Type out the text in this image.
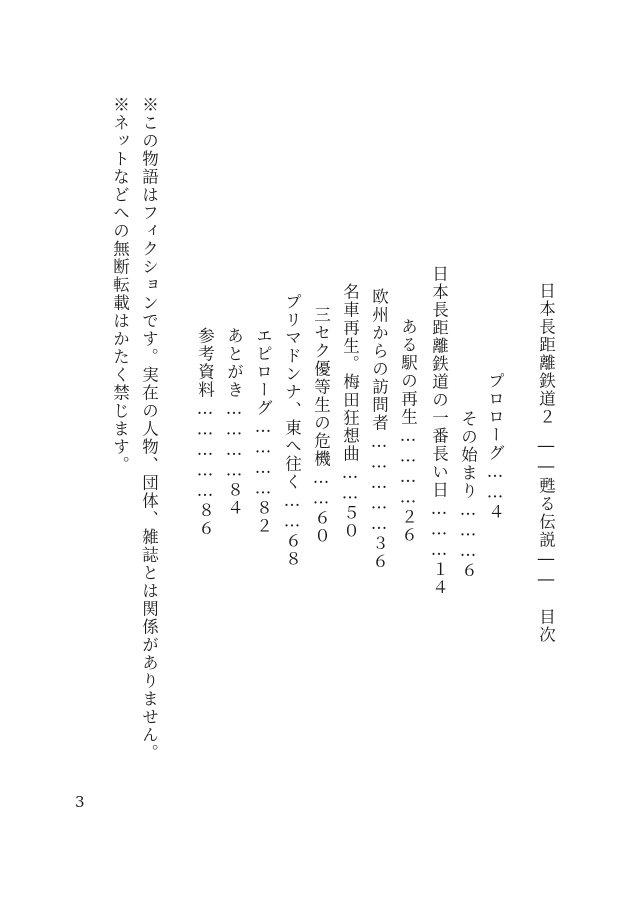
日本長距離鉄道２――甦る伝説――目次
プロローグ……４
その始まり………６
日本長距離鉄道の一番長い日………１４
ある駅の再生…………２６
欧州からの訪問者……………３６
名車再生。梅田狂想曲……５０
三セク優等生の危機……６０
プリマドンナ、東へ往く……６８
エピローグ…………８２
あとがき…………８４
参考資料……………８６
※この物語はフィクションです。実在の人物、団体、雑誌とは関係がありません。
※ネットなどへの無断転載はかたく禁じます。
3
